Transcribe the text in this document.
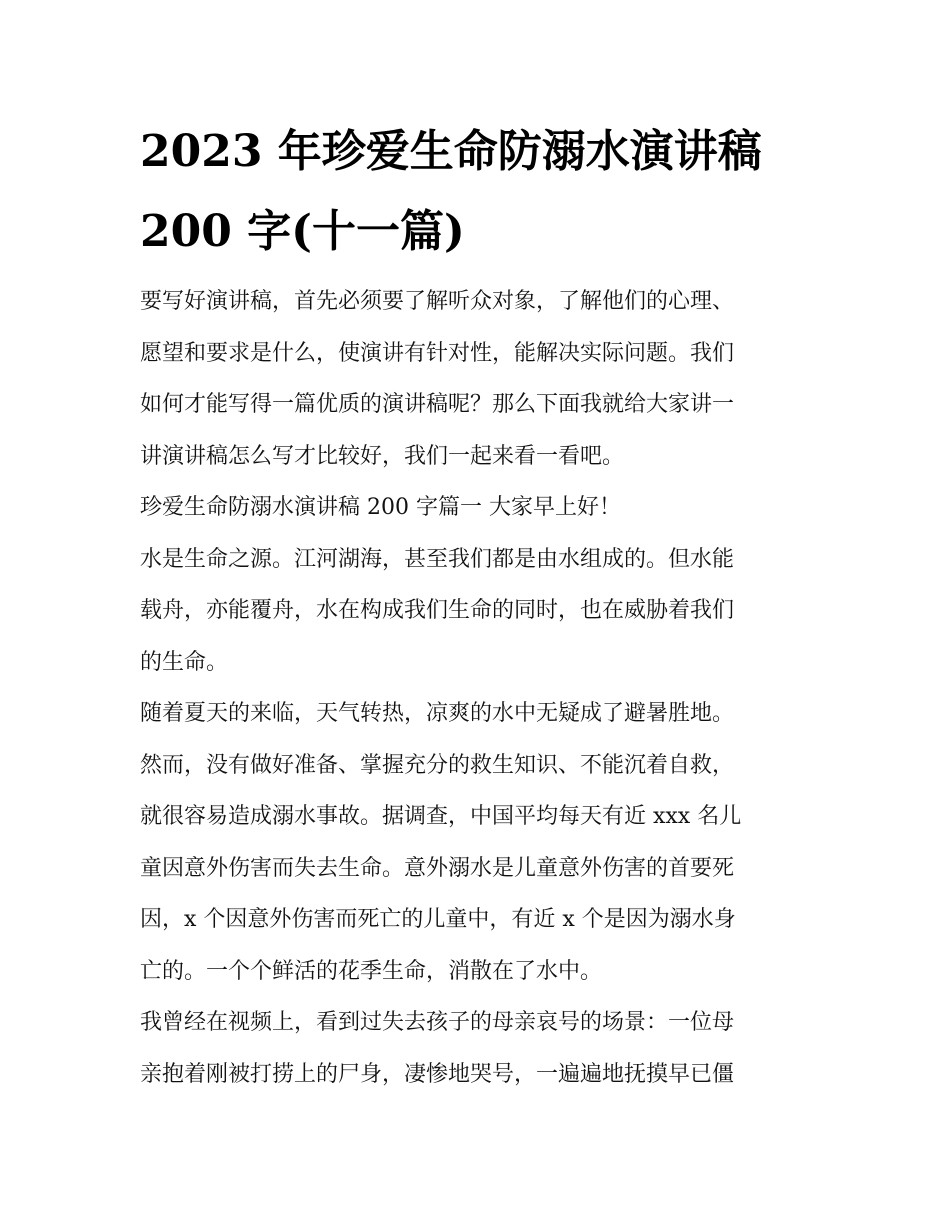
2023 年珍爱生命防溺水演讲稿 200 字(十一篇)
要写好演讲稿，首先必须要了解听众对象，了解他们的心理、
愿望和要求是什么，使演讲有针对性，能解决实际问题。我们
如何才能写得一篇优质的演讲稿呢？那么下面我就给大家讲一
讲演讲稿怎么写才比较好，我们一起来看一看吧。
珍爱生命防溺水演讲稿 200 字篇一 大家早上好！
水是生命之源。江河湖海，甚至我们都是由水组成的。但水能
载舟，亦能覆舟，水在构成我们生命的同时，也在威胁着我们
的生命。
随着夏天的来临，天气转热，凉爽的水中无疑成了避暑胜地。
然而，没有做好准备、掌握充分的救生知识、不能沉着自救，
就很容易造成溺水事故。据调查，中国平均每天有近 xxx 名儿
童因意外伤害而失去生命。意外溺水是儿童意外伤害的首要死
因，x 个因意外伤害而死亡的儿童中，有近 x 个是因为溺水身
亡的。一个个鲜活的花季生命，消散在了水中。
我曾经在视频上，看到过失去孩子的母亲哀号的场景：一位母
亲抱着刚被打捞上的尸身，凄惨地哭号，一遍遍地抚摸早已僵
